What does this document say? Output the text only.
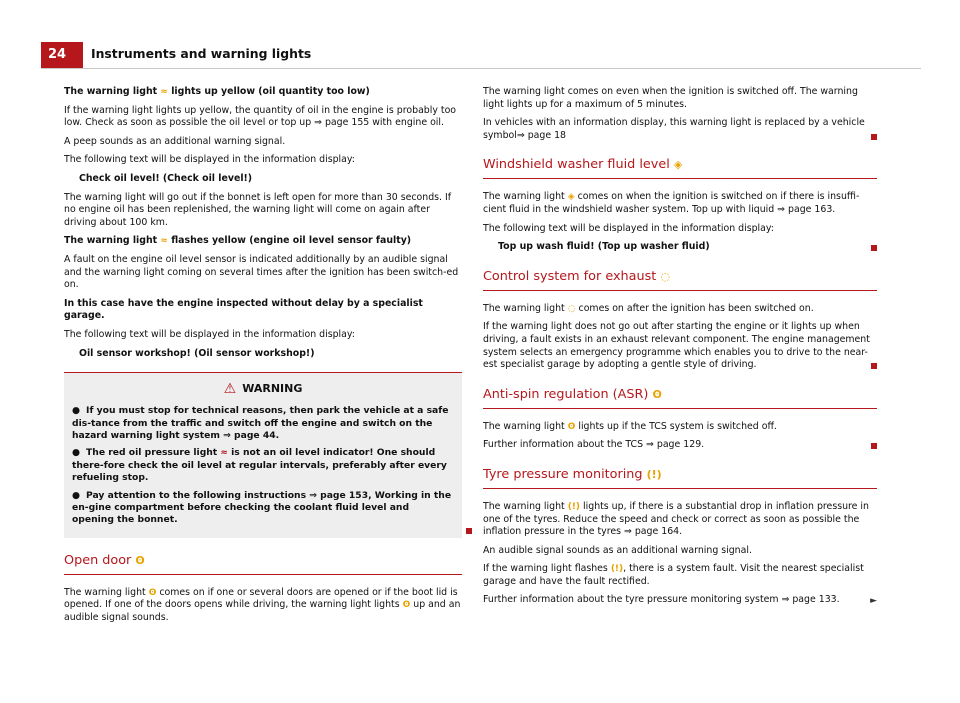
24	Instruments and warning lights

The warning light ≈ lights up yellow (oil quantity too low)

If the warning light lights up yellow, the quantity of oil in the engine is probably too low. Check as soon as possible the oil level or top up ⇒ page 155 with engine oil.

A peep sounds as an additional warning signal.

The following text will be displayed in the information display:

Check oil level! (Check oil level!)

The warning light will go out if the bonnet is left open for more than 30 seconds. If no engine oil has been replenished, the warning light will come on again after driving about 100 km.

The warning light ≈ flashes yellow (engine oil level sensor faulty)

A fault on the engine oil level sensor is indicated additionally by an audible signal and the warning light coming on several times after the ignition has been switch-ed on.

In this case have the engine inspected without delay by a specialist garage.

The following text will be displayed in the information display:

Oil sensor workshop! (Oil sensor workshop!)

⚠ WARNING
● If you must stop for technical reasons, then park the vehicle at a safe dis-tance from the traffic and switch off the engine and switch on the hazard warning light system ⇒ page 44.
● The red oil pressure light ≈ is not an oil level indicator! One should there-fore check the oil level at regular intervals, preferably after every refueling stop.
● Pay attention to the following instructions ⇒ page 153, Working in the en-gine compartment before checking the coolant fluid level and opening the bonnet.
Open door ʘ

The warning light ʘ comes on if one or several doors are opened or if the boot lid is opened. If one of the doors opens while driving, the warning light lights ʘ up and an audible signal sounds.

The warning light comes on even when the ignition is switched off. The warning light lights up for a maximum of 5 minutes.

In vehicles with an information display, this warning light is replaced by a vehicle symbol⇒ page 18

Windshield washer fluid level ◈

The warning light ◈ comes on when the ignition is switched on if there is insuffi-cient fluid in the windshield washer system. Top up with liquid ⇒ page 163.

The following text will be displayed in the information display:

Top up wash fluid! (Top up washer fluid)

Control system for exhaust ◌

The warning light ◌ comes on after the ignition has been switched on.

If the warning light does not go out after starting the engine or it lights up when driving, a fault exists in an exhaust relevant component. The engine management system selects an emergency programme which enables you to drive to the near-est specialist garage by adopting a gentle style of driving.

Anti-spin regulation (ASR) ʘ

The warning light ʘ lights up if the TCS system is switched off.

Further information about the TCS ⇒ page 129.

Tyre pressure monitoring (!)

The warning light (!) lights up, if there is a substantial drop in inflation pressure in one of the tyres. Reduce the speed and check or correct as soon as possible the inflation pressure in the tyres ⇒ page 164.

An audible signal sounds as an additional warning signal.

If the warning light flashes (!), there is a system fault. Visit the nearest specialist garage and have the fault rectified.

Further information about the tyre pressure monitoring system ⇒ page 133.	►
